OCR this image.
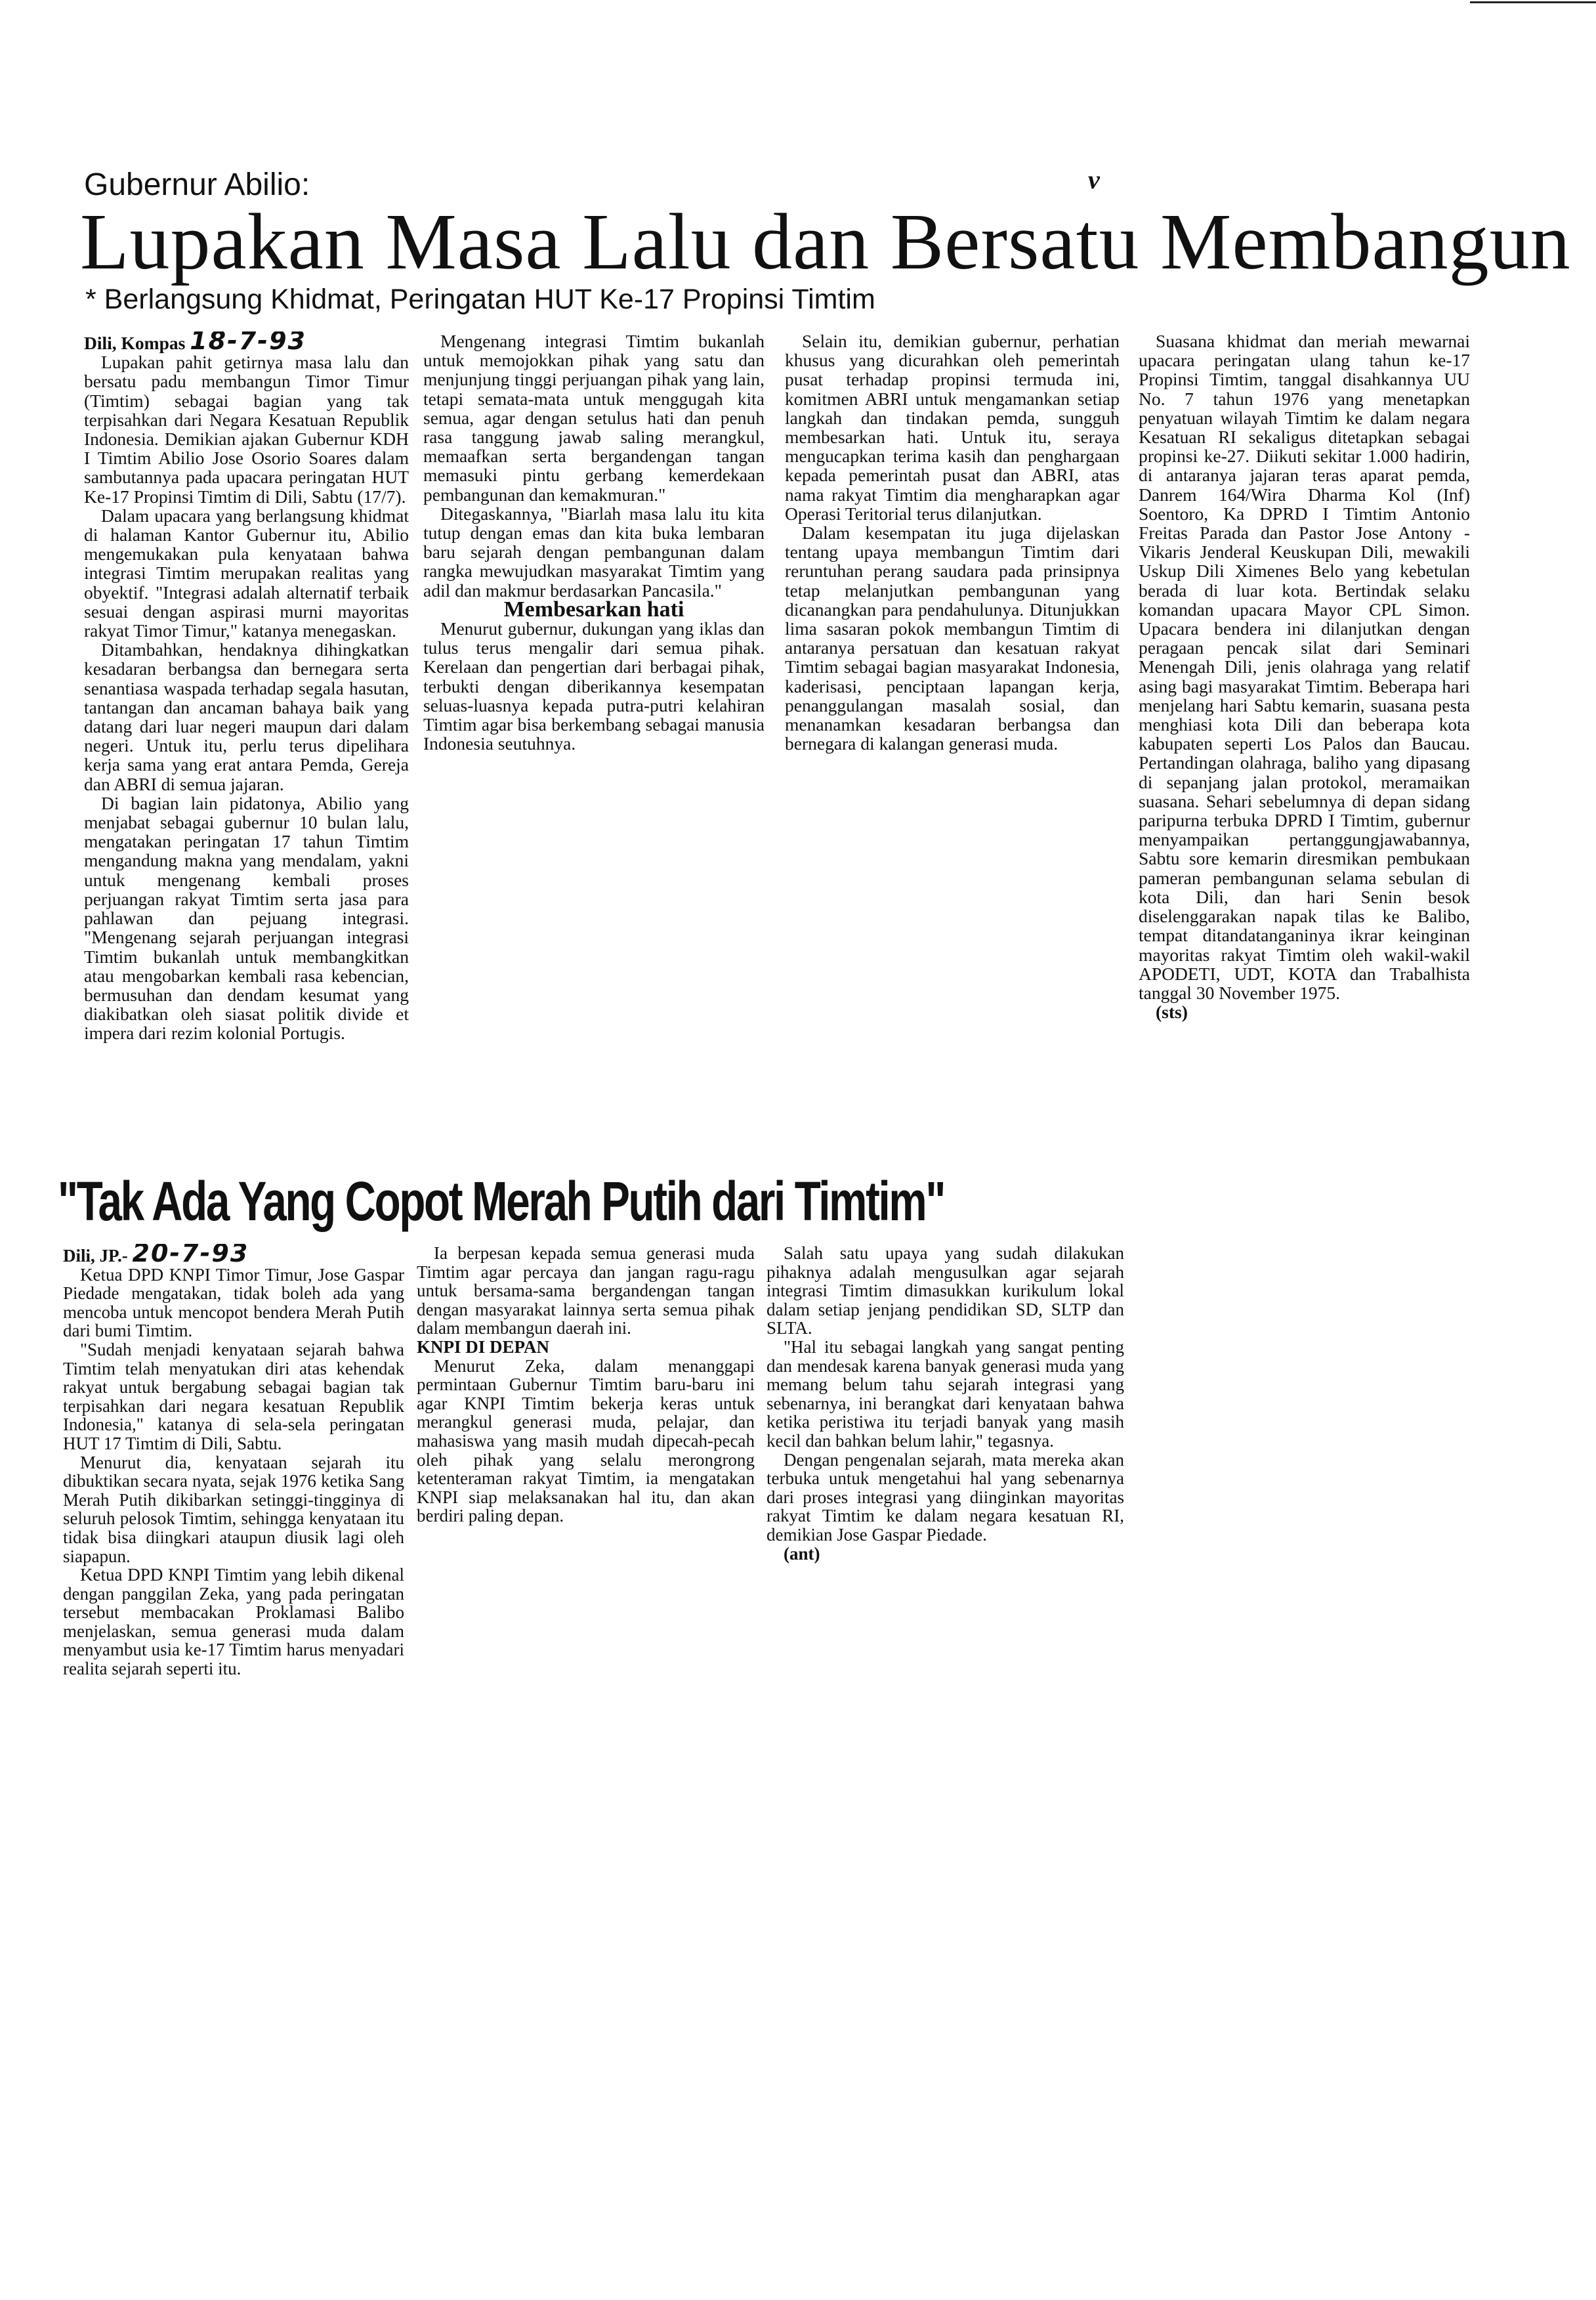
v
Gubernur Abilio:
Lupakan Masa Lalu dan Bersatu Membangun
* Berlangsung Khidmat, Peringatan HUT Ke-17 Propinsi Timtim

Dili, Kompas 18-7-93

Lupakan pahit getirnya masa lalu dan bersatu padu membangun Timor Timur (Timtim) sebagai bagian yang tak terpisahkan dari Negara Kesatuan Republik Indonesia. Demikian ajakan Gubernur KDH I Timtim Abilio Jose Osorio Soares dalam sambutannya pada upacara peringatan HUT Ke-17 Propinsi Timtim di Dili, Sabtu (17/7).

Dalam upacara yang berlangsung khidmat di halaman Kantor Gubernur itu, Abilio mengemukakan pula kenyataan bahwa integrasi Timtim merupakan realitas yang obyektif. "Integrasi adalah alternatif terbaik sesuai dengan aspirasi murni mayoritas rakyat Timor Timur," katanya menegaskan.

Ditambahkan, hendaknya dihingkatkan kesadaran berbangsa dan bernegara serta senantiasa waspada terhadap segala hasutan, tantangan dan ancaman bahaya baik yang datang dari luar negeri maupun dari dalam negeri. Untuk itu, perlu terus dipelihara kerja sama yang erat antara Pemda, Gereja dan ABRI di semua jajaran.

Di bagian lain pidatonya, Abilio yang menjabat sebagai gubernur 10 bulan lalu, mengatakan peringatan 17 tahun Timtim mengandung makna yang mendalam, yakni untuk mengenang kembali proses perjuangan rakyat Timtim serta jasa para pahlawan dan pejuang integrasi. "Mengenang sejarah perjuangan integrasi Timtim bukanlah untuk membangkitkan atau mengobarkan kembali rasa kebencian, bermusuhan dan dendam kesumat yang diakibatkan oleh siasat politik divide et impera dari rezim kolonial Portugis.

Mengenang integrasi Timtim bukanlah untuk memojokkan pihak yang satu dan menjunjung tinggi perjuangan pihak yang lain, tetapi semata-mata untuk menggugah kita semua, agar dengan setulus hati dan penuh rasa tanggung jawab saling merangkul, memaafkan serta bergandengan tangan memasuki pintu gerbang kemerdekaan pembangunan dan kemakmuran."

Ditegaskannya, "Biarlah masa lalu itu kita tutup dengan emas dan kita buka lembaran baru sejarah dengan pembangunan dalam rangka mewujudkan masyarakat Timtim yang adil dan makmur berdasarkan Pancasila."

Membesarkan hati

Menurut gubernur, dukungan yang iklas dan tulus terus mengalir dari semua pihak. Kerelaan dan pengertian dari berbagai pihak, terbukti dengan diberikannya kesempatan seluas-luasnya kepada putra-putri kelahiran Timtim agar bisa berkembang sebagai manusia Indonesia seutuhnya.

Selain itu, demikian gubernur, perhatian khusus yang dicurahkan oleh pemerintah pusat terhadap propinsi termuda ini, komitmen ABRI untuk mengamankan setiap langkah dan tindakan pemda, sungguh membesarkan hati. Untuk itu, seraya mengucapkan terima kasih dan penghargaan kepada pemerintah pusat dan ABRI, atas nama rakyat Timtim dia mengharapkan agar Operasi Teritorial terus dilanjutkan.

Dalam kesempatan itu juga dijelaskan tentang upaya membangun Timtim dari reruntuhan perang saudara pada prinsipnya tetap melanjutkan pembangunan yang dicanangkan para pendahulunya. Ditunjukkan lima sasaran pokok membangun Timtim di antaranya persatuan dan kesatuan rakyat Timtim sebagai bagian masyarakat Indonesia, kaderisasi, penciptaan lapangan kerja, penanggulangan masalah sosial, dan menanamkan kesadaran berbangsa dan bernegara di kalangan generasi muda.

Suasana khidmat dan meriah mewarnai upacara peringatan ulang tahun ke-17 Propinsi Timtim, tanggal disahkannya UU No. 7 tahun 1976 yang menetapkan penyatuan wilayah Timtim ke dalam negara Kesatuan RI sekaligus ditetapkan sebagai propinsi ke-27. Diikuti sekitar 1.000 hadirin, di antaranya jajaran teras aparat pemda, Danrem 164/Wira Dharma Kol (Inf) Soentoro, Ka DPRD I Timtim Antonio Freitas Parada dan Pastor Jose Antony - Vikaris Jenderal Keuskupan Dili, mewakili Uskup Dili Ximenes Belo yang kebetulan berada di luar kota. Bertindak selaku komandan upacara Mayor CPL Simon. Upacara bendera ini dilanjutkan dengan peragaan pencak silat dari Seminari Menengah Dili, jenis olahraga yang relatif asing bagi masyarakat Timtim. Beberapa hari menjelang hari Sabtu kemarin, suasana pesta menghiasi kota Dili dan beberapa kota kabupaten seperti Los Palos dan Baucau. Pertandingan olahraga, baliho yang dipasang di sepanjang jalan protokol, meramaikan suasana. Sehari sebelumnya di depan sidang paripurna terbuka DPRD I Timtim, gubernur menyampaikan pertanggungjawabannya, Sabtu sore kemarin diresmikan pembukaan pameran pembangunan selama sebulan di kota Dili, dan hari Senin besok diselenggarakan napak tilas ke Balibo, tempat ditandatanganinya ikrar keinginan mayoritas rakyat Timtim oleh wakil-wakil APODETI, UDT, KOTA dan Trabalhista tanggal 30 November 1975.

(sts)

"Tak Ada Yang Copot Merah Putih dari Timtim"

Dili, JP.- 20-7-93

Ketua DPD KNPI Timor Timur, Jose Gaspar Piedade mengatakan, tidak boleh ada yang mencoba untuk mencopot bendera Merah Putih dari bumi Timtim.

"Sudah menjadi kenyataan sejarah bahwa Timtim telah menyatukan diri atas kehendak rakyat untuk bergabung sebagai bagian tak terpisahkan dari negara kesatuan Republik Indonesia," katanya di sela-sela peringatan HUT 17 Timtim di Dili, Sabtu.

Menurut dia, kenyataan sejarah itu dibuktikan secara nyata, sejak 1976 ketika Sang Merah Putih dikibarkan setinggi-tingginya di seluruh pelosok Timtim, sehingga kenyataan itu tidak bisa diingkari ataupun diusik lagi oleh siapapun.

Ketua DPD KNPI Timtim yang lebih dikenal dengan panggilan Zeka, yang pada peringatan tersebut membacakan Proklamasi Balibo menjelaskan, semua generasi muda dalam menyambut usia ke-17 Timtim harus menyadari realita sejarah seperti itu.

Ia berpesan kepada semua generasi muda Timtim agar percaya dan jangan ragu-ragu untuk bersama-sama bergandengan tangan dengan masyarakat lainnya serta semua pihak dalam membangun daerah ini.

KNPI DI DEPAN

Menurut Zeka, dalam menanggapi permintaan Gubernur Timtim baru-baru ini agar KNPI Timtim bekerja keras untuk merangkul generasi muda, pelajar, dan mahasiswa yang masih mudah dipecah-pecah oleh pihak yang selalu merongrong ketenteraman rakyat Timtim, ia mengatakan KNPI siap melaksanakan hal itu, dan akan berdiri paling depan.

Salah satu upaya yang sudah dilakukan pihaknya adalah mengusulkan agar sejarah integrasi Timtim dimasukkan kurikulum lokal dalam setiap jenjang pendidikan SD, SLTP dan SLTA.

"Hal itu sebagai langkah yang sangat penting dan mendesak karena banyak generasi muda yang memang belum tahu sejarah integrasi yang sebenarnya, ini berangkat dari kenyataan bahwa ketika peristiwa itu terjadi banyak yang masih kecil dan bahkan belum lahir," tegasnya.

Dengan pengenalan sejarah, mata mereka akan terbuka untuk mengetahui hal yang sebenarnya dari proses integrasi yang diinginkan mayoritas rakyat Timtim ke dalam negara kesatuan RI, demikian Jose Gaspar Piedade.

(ant)
